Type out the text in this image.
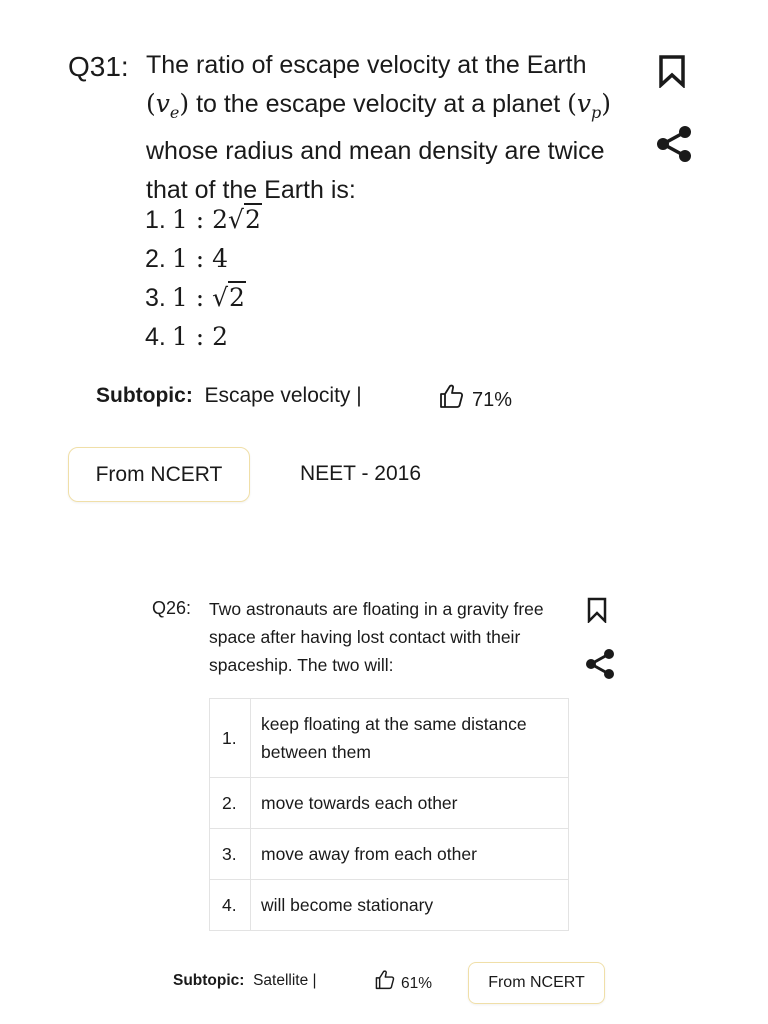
Q31: The ratio of escape velocity at the Earth
$(v_e)$ to the escape velocity at a planet $(v_p)$ whose radius and mean density are twice that of the Earth is:
1. 1 : 2√2
2. 1 : 4
3. 1 : √2
4. 1 : 2
Subtopic: Escape velocity |	71%
From NCERT	NEET - 2016
Q26: Two astronauts are floating in a gravity free space after having lost contact with their spaceship. The two will:
1.	keep floating at the same distance between them
2.	move towards each other
3.	move away from each other
4.	will become stationary
Subtopic: Satellite |	61%	From NCERT
